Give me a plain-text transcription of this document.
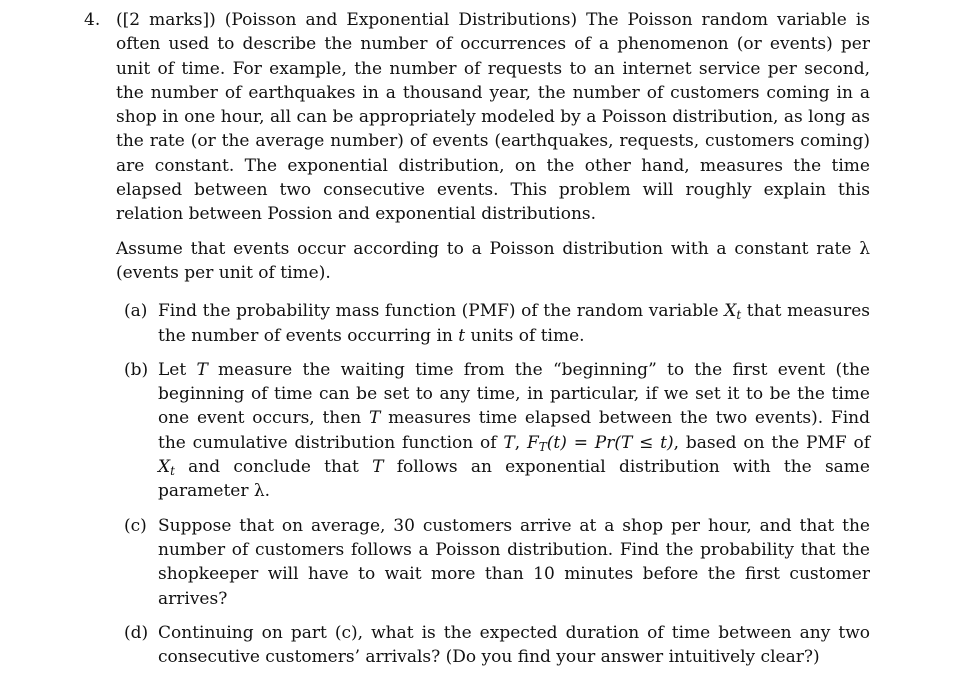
4. ([2 marks]) (Poisson and Exponential Distributions) The Poisson random variable is often used to describe the number of occurrences of a phenomenon (or events) per unit of time. For example, the number of requests to an internet service per second, the number of earthquakes in a thousand year, the number of customers coming in a shop in one hour, all can be appropriately modeled by a Poisson distribution, as long as the rate (or the average number) of events (earthquakes, requests, customers coming) are constant. The exponential distribution, on the other hand, measures the time elapsed between two consecutive events. This problem will roughly explain this relation between Possion and exponential distributions.
Assume that events occur according to a Poisson distribution with a constant rate λ (events per unit of time).
(a) Find the probability mass function (PMF) of the random variable $X_t$ that measures the number of events occurring in t units of time.
(b) Let T measure the waiting time from the “beginning” to the first event (the beginning of time can be set to any time, in particular, if we set it to be the time one event occurs, then T measures time elapsed between the two events). Find the cumulative distribution function of T, $F_T(t) = Pr(T \le t)$, based on the PMF of $X_t$ and conclude that T follows an exponential distribution with the same parameter λ.
(c) Suppose that on average, 30 customers arrive at a shop per hour, and that the number of customers follows a Poisson distribution. Find the probability that the shopkeeper will have to wait more than 10 minutes before the first customer arrives?
(d) Continuing on part (c), what is the expected duration of time between any two consecutive customers’ arrivals? (Do you find your answer intuitively clear?)
